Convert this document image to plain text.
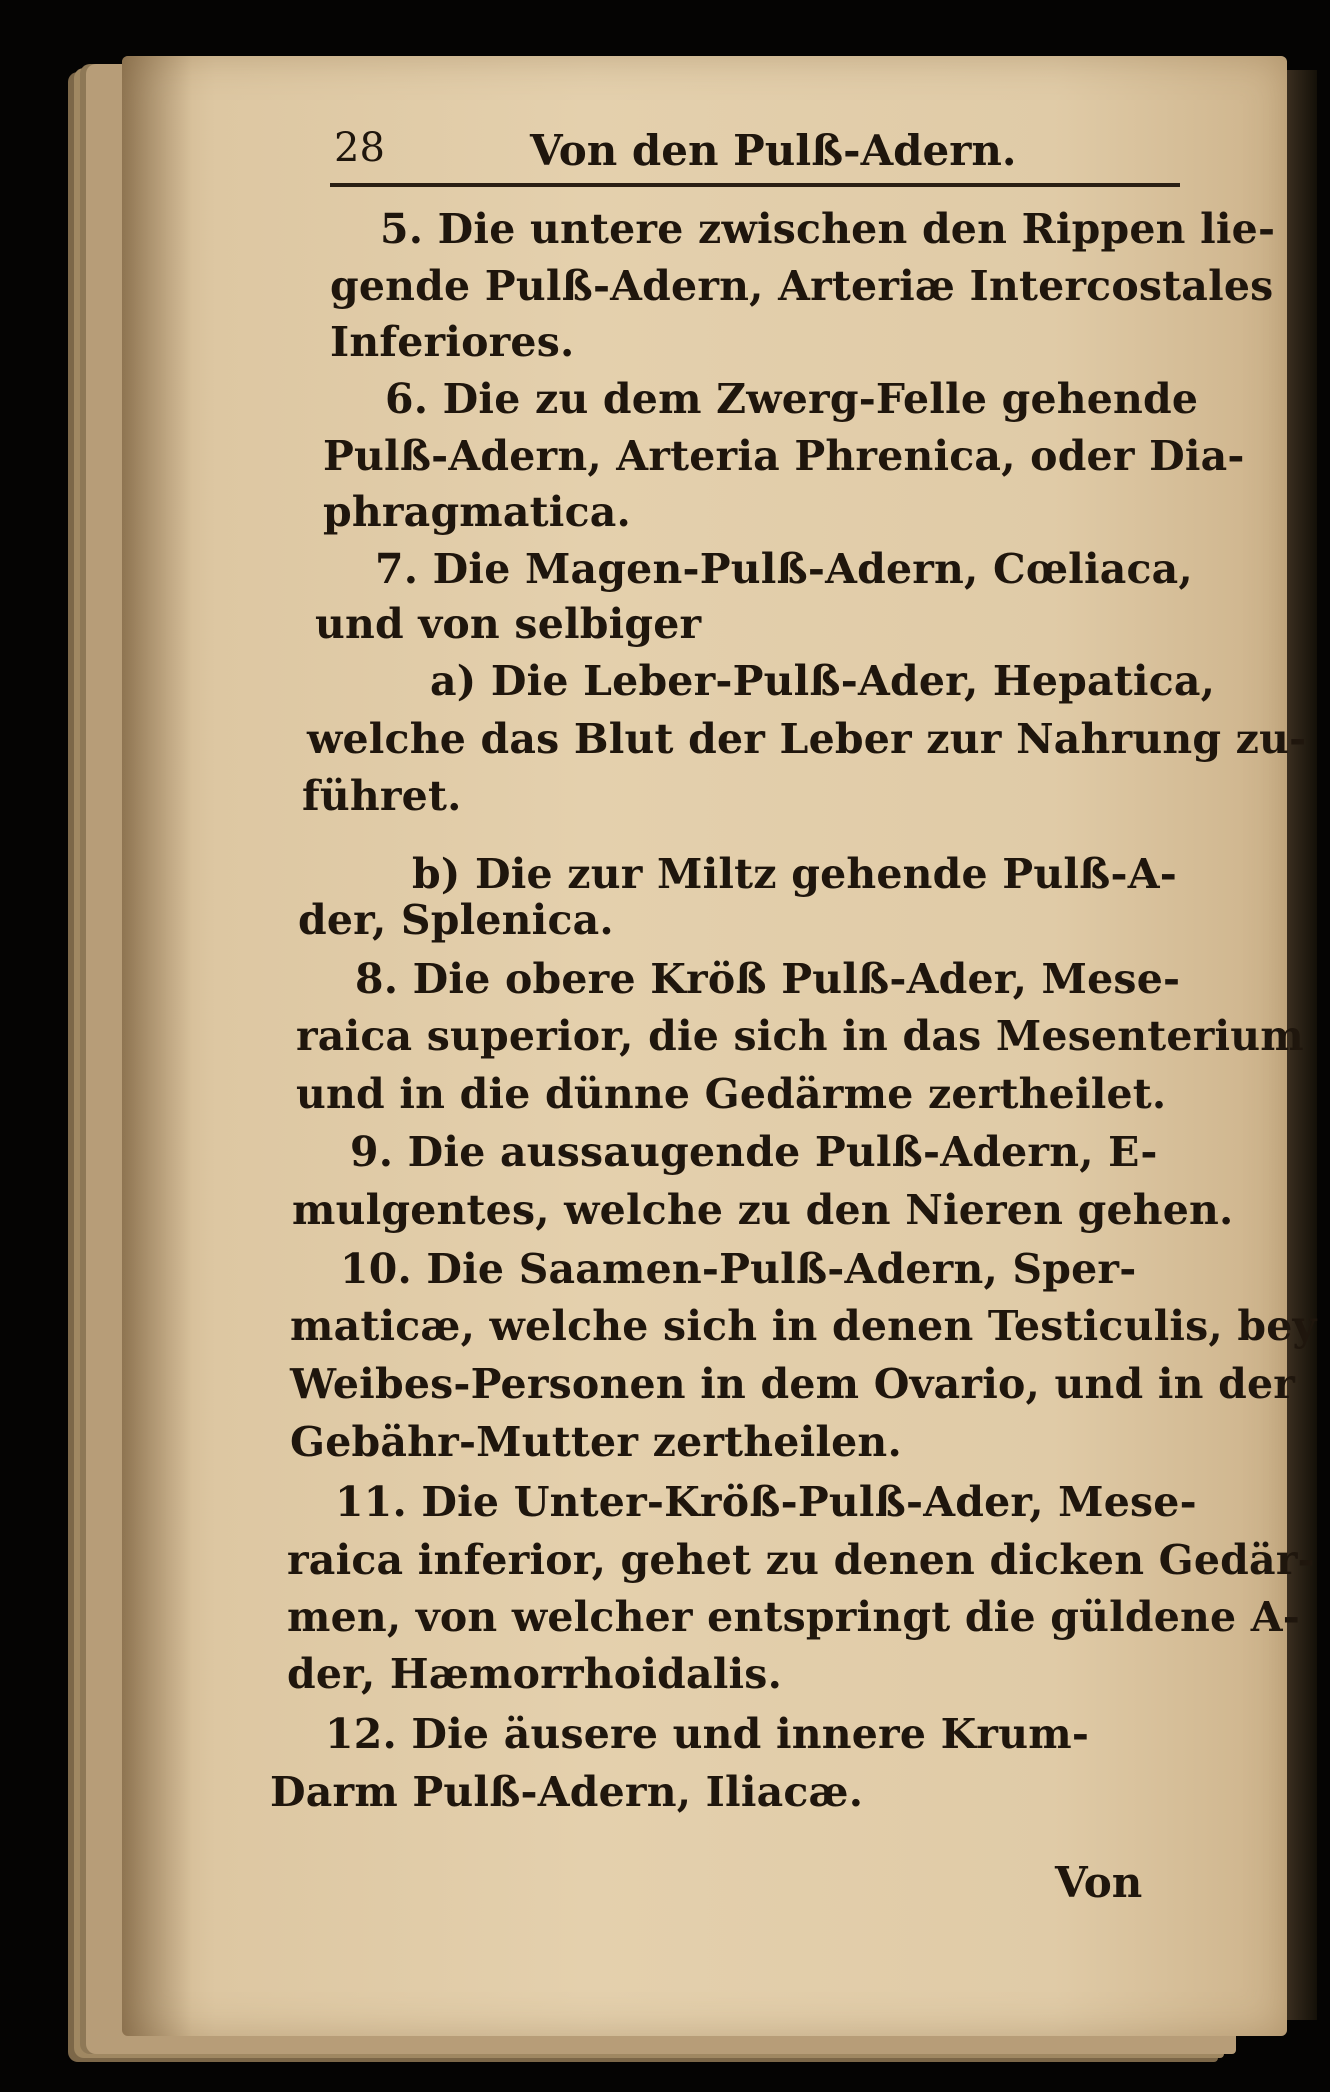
28	Von den Pulß-Adern.
5. Die untere zwischen den Rippen lie-
gende Pulß-Adern, Arteriæ Intercostales
Inferiores.
6. Die zu dem Zwerg-Felle gehende
Pulß-Adern, Arteria Phrenica, oder Dia-
phragmatica.
7. Die Magen-Pulß-Adern, Cœliaca,
und von selbiger
a) Die Leber-Pulß-Ader, Hepatica,
welche das Blut der Leber zur Nahrung zu-
führet.
b) Die zur Miltz gehende Pulß-A-
der, Splenica.
8. Die obere Kröß Pulß-Ader, Mese-
raica superior, die sich in das Mesenterium
und in die dünne Gedärme zertheilet.
9. Die aussaugende Pulß-Adern, E-
mulgentes, welche zu den Nieren gehen.
10. Die Saamen-Pulß-Adern, Sper-
maticæ, welche sich in denen Testiculis, bey
Weibes-Personen in dem Ovario, und in der
Gebähr-Mutter zertheilen.
11. Die Unter-Kröß-Pulß-Ader, Mese-
raica inferior, gehet zu denen dicken Gedär-
men, von welcher entspringt die güldene A-
der, Hæmorrhoidalis.
12. Die äusere und innere Krum-
Darm Pulß-Adern, Iliacæ.
Von
